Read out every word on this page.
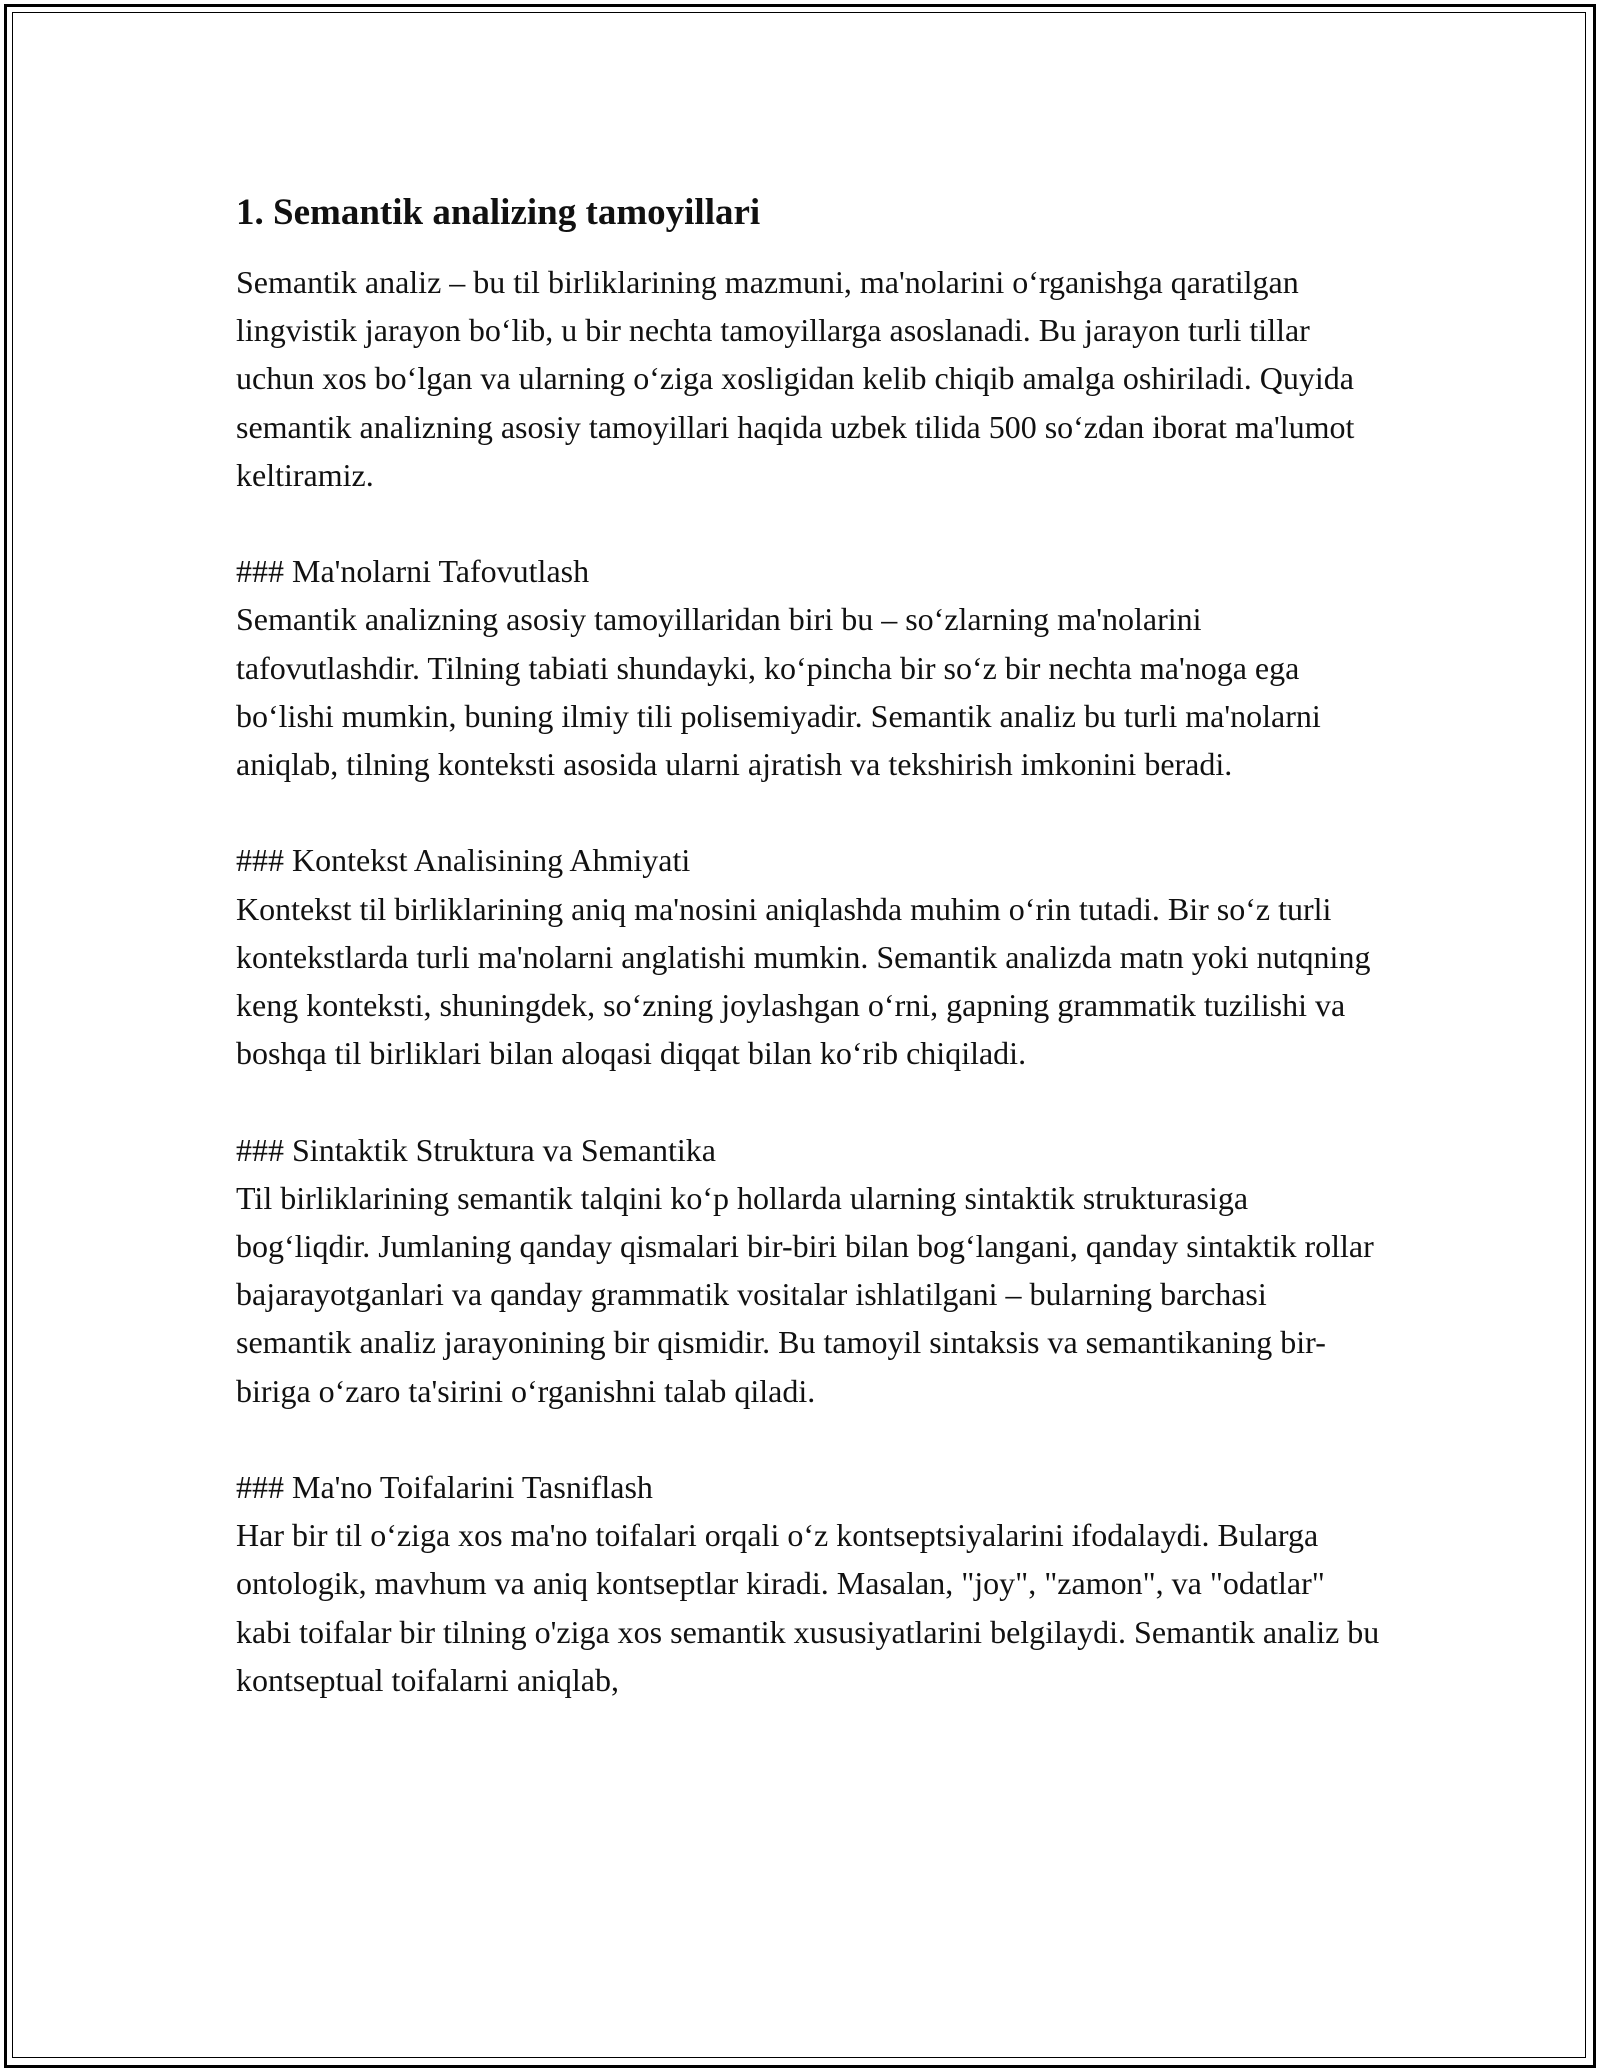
1. Semantik analizing tamoyillari

Semantik analiz – bu til birliklarining mazmuni, ma'nolarini o‘rganishga qaratilgan lingvistik jarayon bo‘lib, u bir nechta tamoyillarga asoslanadi. Bu jarayon turli tillar uchun xos bo‘lgan va ularning o‘ziga xosligidan kelib chiqib amalga oshiriladi. Quyida semantik analizning asosiy tamoyillari haqida uzbek tilida 500 so‘zdan iborat ma'lumot keltiramiz.

### Ma'nolarni Tafovutlash

Semantik analizning asosiy tamoyillaridan biri bu – so‘zlarning ma'nolarini tafovutlashdir. Tilning tabiati shundayki, ko‘pincha bir so‘z bir nechta ma'noga ega bo‘lishi mumkin, buning ilmiy tili polisemiyadir. Semantik analiz bu turli ma'nolarni aniqlab, tilning konteksti asosida ularni ajratish va tekshirish imkonini beradi.

### Kontekst Analisining Ahmiyati

Kontekst til birliklarining aniq ma'nosini aniqlashda muhim o‘rin tutadi. Bir so‘z turli kontekstlarda turli ma'nolarni anglatishi mumkin. Semantik analizda matn yoki nutqning keng konteksti, shuningdek, so‘zning joylashgan o‘rni, gapning grammatik tuzilishi va boshqa til birliklari bilan aloqasi diqqat bilan ko‘rib chiqiladi.

### Sintaktik Struktura va Semantika

Til birliklarining semantik talqini ko‘p hollarda ularning sintaktik strukturasiga bog‘liqdir. Jumlaning qanday qismalari bir-biri bilan bog‘langani, qanday sintaktik rollar bajarayotganlari va qanday grammatik vositalar ishlatilgani – bularning barchasi semantik analiz jarayonining bir qismidir. Bu tamoyil sintaksis va semantikaning bir-biriga o‘zaro ta'sirini o‘rganishni talab qiladi.

### Ma'no Toifalarini Tasniflash

Har bir til o‘ziga xos ma'no toifalari orqali o‘z kontseptsiyalarini ifodalaydi. Bularga ontologik, mavhum va aniq kontseptlar kiradi. Masalan, "joy", "zamon", va "odatlar" kabi toifalar bir tilning o'ziga xos semantik xususiyatlarini belgilaydi. Semantik analiz bu kontseptual toifalarni aniqlab,
